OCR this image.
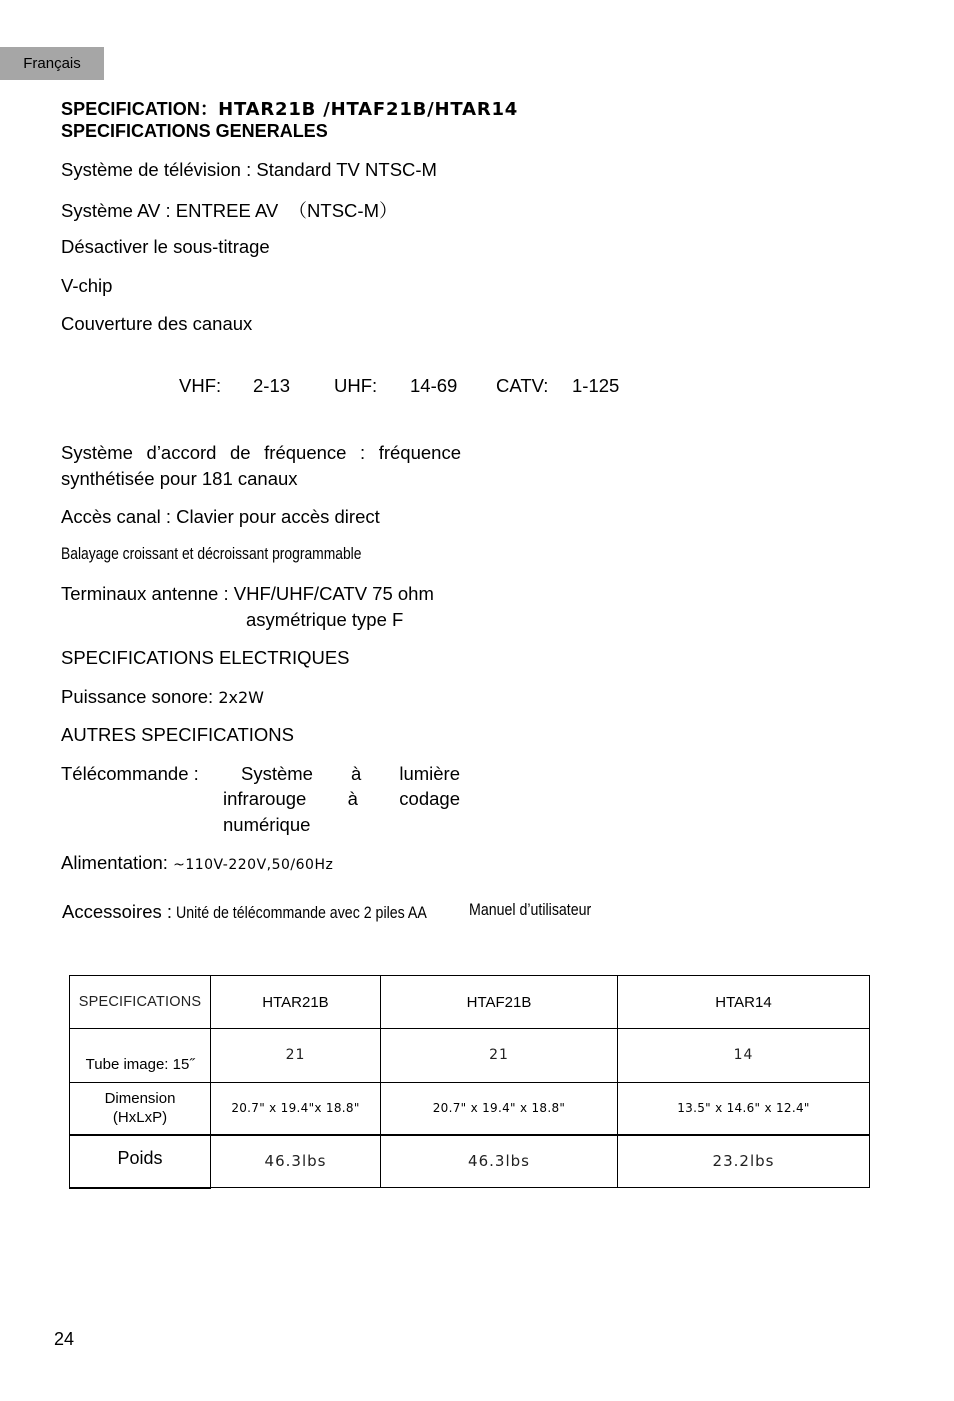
Français
SPECIFICATION：HTAR21B /HTAF21B/HTAR14
SPECIFICATIONS GENERALES
Système de télévision : Standard TV NTSC-M
Système AV : ENTREE AV  （NTSC-M）
Désactiver le sous-titrage
V-chip
Couverture des canaux
VHF: 2-13 UHF: 14-69 CATV: 1-125
Système d’accord de fréquence : fréquence
synthétisée pour 181 canaux
Accès canal : Clavier pour accès direct
Balayage croissant et décroissant programmable
Terminaux antenne : VHF/UHF/CATV 75 ohm
asymétrique type F
SPECIFICATIONS ELECTRIQUES
Puissance sonore: 2x2W
AUTRES SPECIFICATIONS
Télécommande : Système à lumière
infrarouge à codage
numérique
Alimentation: ~110V-220V,50/60Hz
Accessoires : Unité de télécommande avec 2 piles AA	Manuel d’utilisateur
SPECIFICATIONS	HTAR21B	HTAF21B	HTAR14
Tube image: 15˝	21	21	14

Dimension
(HxLxP)	20.7" x 19.4"x 18.8"	20.7" x 19.4" x 18.8"	13.5" x 14.6" x 12.4"
Poids	46.3lbs	46.3lbs	23.2lbs
24
